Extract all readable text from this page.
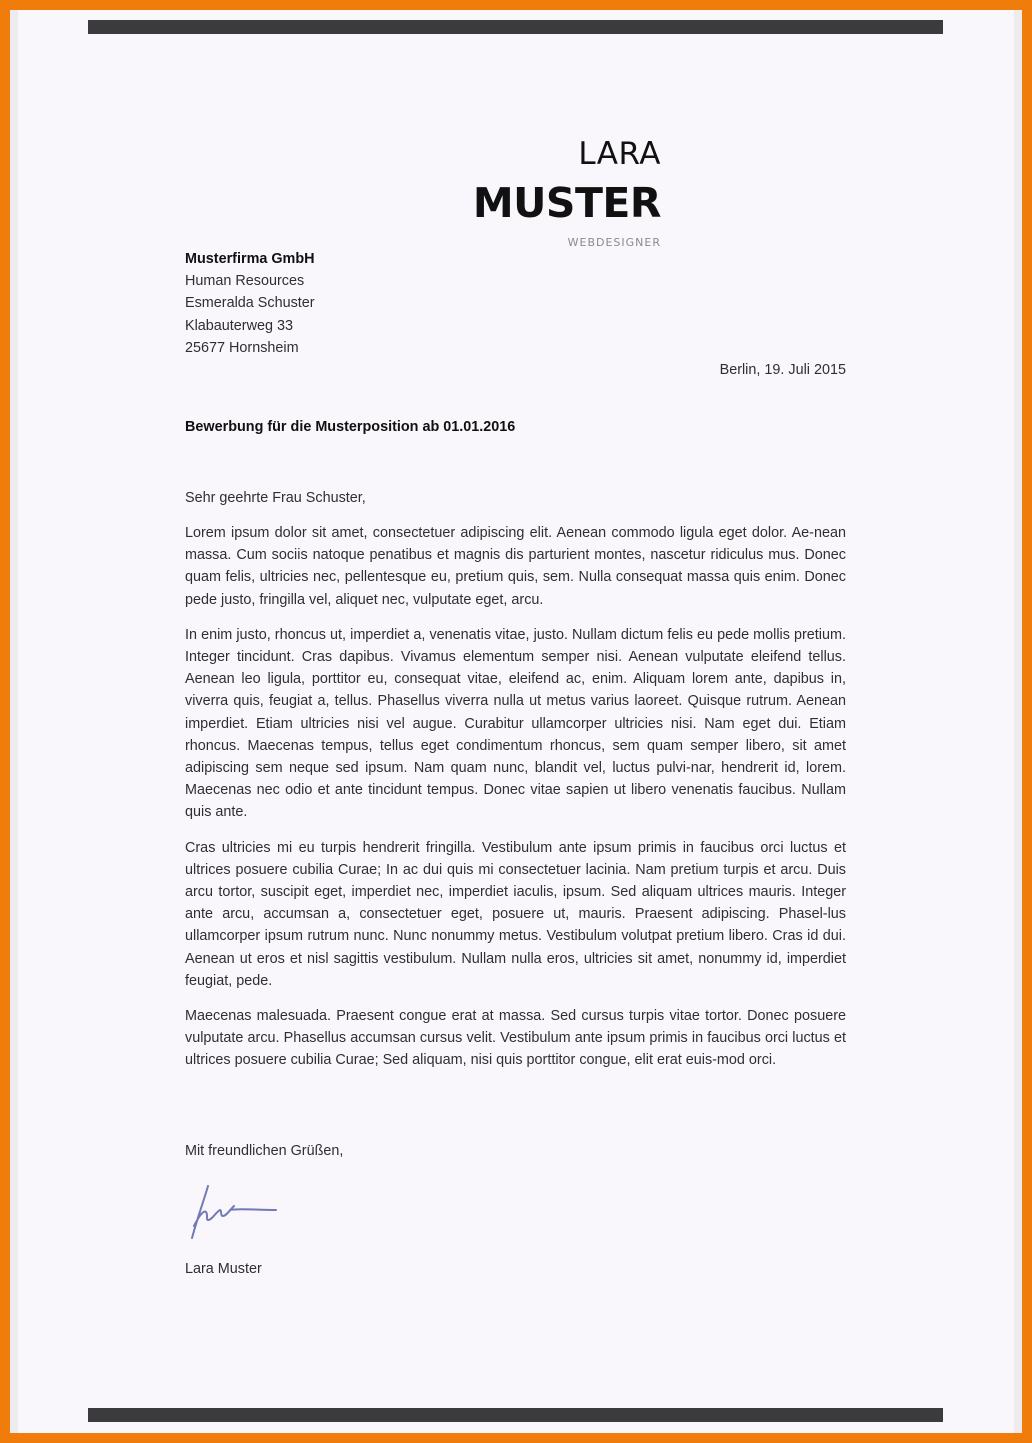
LARA
MUSTER
WEBDESIGNER
Musterfirma GmbH
Human Resources
Esmeralda Schuster
Klabauterweg 33
25677 Hornsheim
Berlin, 19. Juli 2015
Bewerbung für die Musterposition ab 01.01.2016
Sehr geehrte Frau Schuster,

Lorem ipsum dolor sit amet, consectetuer adipiscing elit. Aenean commodo ligula eget dolor. Ae-nean massa. Cum sociis natoque penatibus et magnis dis parturient montes, nascetur ridiculus mus. Donec quam felis, ultricies nec, pellentesque eu, pretium quis, sem. Nulla consequat massa quis enim. Donec pede justo, fringilla vel, aliquet nec, vulputate eget, arcu.

In enim justo, rhoncus ut, imperdiet a, venenatis vitae, justo. Nullam dictum felis eu pede mollis pretium. Integer tincidunt. Cras dapibus. Vivamus elementum semper nisi. Aenean vulputate eleifend tellus. Aenean leo ligula, porttitor eu, consequat vitae, eleifend ac, enim. Aliquam lorem ante, dapibus in, viverra quis, feugiat a, tellus. Phasellus viverra nulla ut metus varius laoreet. Quisque rutrum. Aenean imperdiet. Etiam ultricies nisi vel augue. Curabitur ullamcorper ultricies nisi. Nam eget dui. Etiam rhoncus. Maecenas tempus, tellus eget condimentum rhoncus, sem quam semper libero, sit amet adipiscing sem neque sed ipsum. Nam quam nunc, blandit vel, luctus pulvi-nar, hendrerit id, lorem. Maecenas nec odio et ante tincidunt tempus. Donec vitae sapien ut libero venenatis faucibus. Nullam quis ante.

Cras ultricies mi eu turpis hendrerit fringilla. Vestibulum ante ipsum primis in faucibus orci luctus et ultrices posuere cubilia Curae; In ac dui quis mi consectetuer lacinia. Nam pretium turpis et arcu. Duis arcu tortor, suscipit eget, imperdiet nec, imperdiet iaculis, ipsum. Sed aliquam ultrices mauris. Integer ante arcu, accumsan a, consectetuer eget, posuere ut, mauris. Praesent adipiscing. Phasel-lus ullamcorper ipsum rutrum nunc. Nunc nonummy metus. Vestibulum volutpat pretium libero. Cras id dui. Aenean ut eros et nisl sagittis vestibulum. Nullam nulla eros, ultricies sit amet, nonummy id, imperdiet feugiat, pede.

Maecenas malesuada. Praesent congue erat at massa. Sed cursus turpis vitae tortor. Donec posuere vulputate arcu. Phasellus accumsan cursus velit. Vestibulum ante ipsum primis in faucibus orci luctus et ultrices posuere cubilia Curae; Sed aliquam, nisi quis porttitor congue, elit erat euis-mod orci.

Mit freundlichen Grüßen,
Lara Muster
